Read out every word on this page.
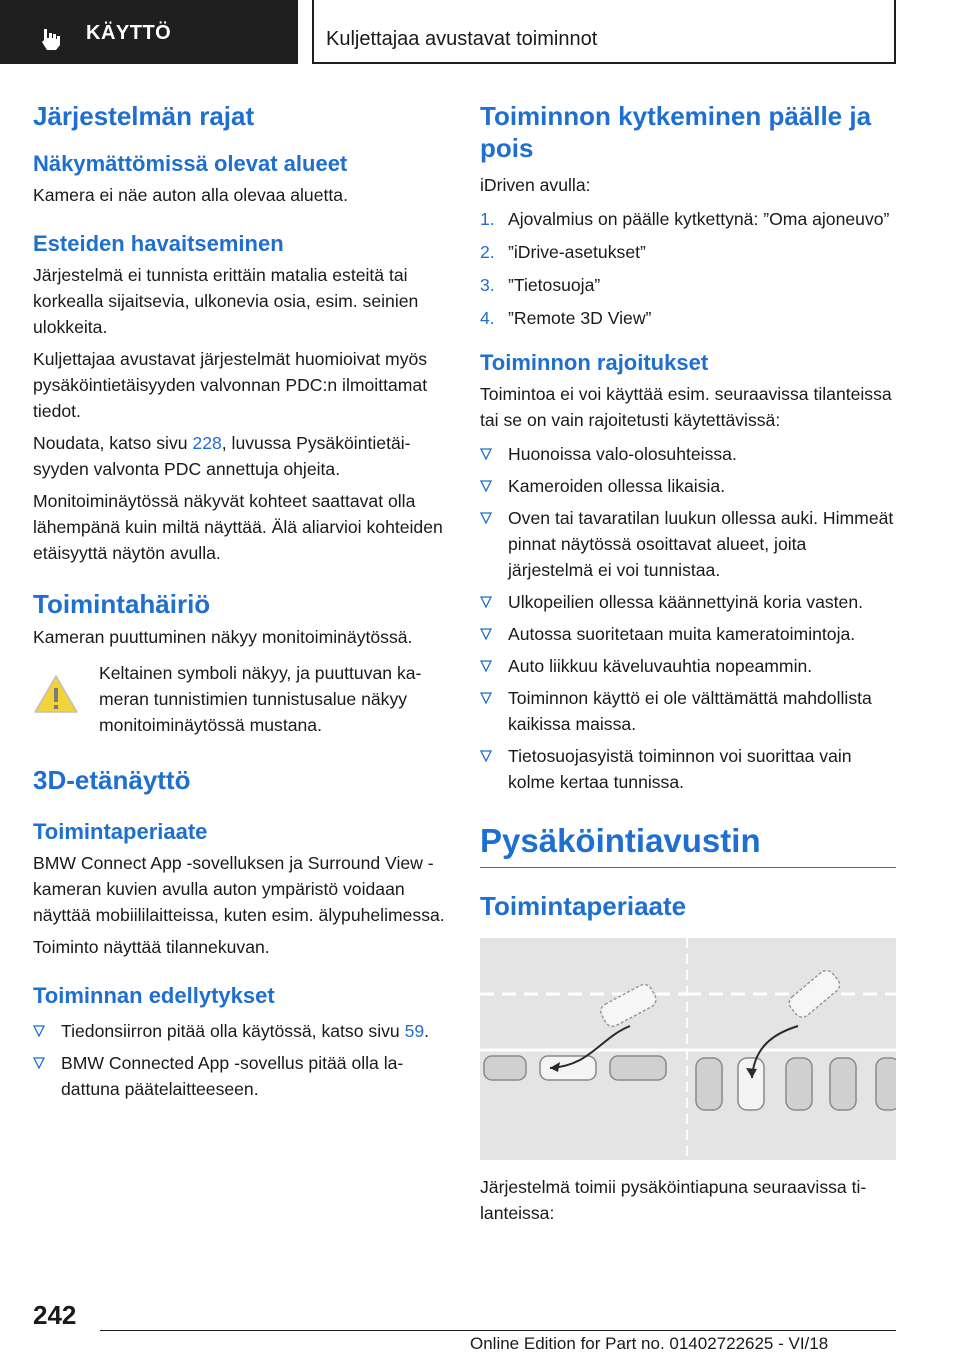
KÄYTTÖ	Kuljettajaa avustavat toiminnot
Järjestelmän rajat
Näkymättömissä olevat alueet

Kamera ei näe auton alla olevaa aluetta.

Esteiden havaitseminen

Järjestelmä ei tunnista erittäin matalia esteitä tai korkealla sijaitsevia, ulkonevia osia, esim. seinien ulokkeita.

Kuljettajaa avustavat järjestelmät huomioivat myös pysäköintietäisyyden valvonnan PDC:n ilmoittamat tiedot.

Noudata, katso sivu 228, luvussa Pysäköintietäisyyden valvonta PDC annettuja ohjeita.

Monitoiminäytössä näkyvät kohteet saattavat olla lähempänä kuin miltä näyttää. Älä aliarvioi kohteiden etäisyyttä näytön avulla.

Toimintahäiriö

Kameran puuttuminen näkyy monitoiminäytössä.

Keltainen symboli näkyy, ja puuttuvan kameran tunnistimien tunnistusalue näkyy monitoiminäytössä mustana.

3D-etänäyttö
Toimintaperiaate

BMW Connect App -sovelluksen ja Surround View -kameran kuvien avulla auton ympäristö voidaan näyttää mobiililaitteissa, kuten esim. älypuhelimessa.

Toiminto näyttää tilannekuvan.

Toiminnan edellytykset
Tiedonsiirron pitää olla käytössä, katso sivu 59.
BMW Connected App -sovellus pitää olla ladattuna päätelaitteeseen.
Toiminnon kytkeminen päälle ja pois

iDriven avulla:

1. Ajovalmius on päälle kytkettynä: ”Oma ajoneuvo”
2. ”iDrive-asetukset”
3. ”Tietosuoja”
4. ”Remote 3D View”
Toiminnon rajoitukset

Toimintoa ei voi käyttää esim. seuraavissa tilanteissa tai se on vain rajoitetusti käytettävissä:

Huonoissa valo-olosuhteissa.
Kameroiden ollessa likaisia.
Oven tai tavaratilan luukun ollessa auki. Himmeät pinnat näytössä osoittavat alueet, joita järjestelmä ei voi tunnistaa.
Ulkopeilien ollessa käännettyinä koria vasten.
Autossa suoritetaan muita kameratoimintoja.
Auto liikkuu käveluvauhtia nopeammin.
Toiminnon käyttö ei ole välttämättä mahdollista kaikissa maissa.
Tietosuojasyistä toiminnon voi suorittaa vain kolme kertaa tunnissa.
Pysäköintiavustin
Toimintaperiaate

Järjestelmä toimii pysäköintiapuna seuraavissa tilanteissa:

242
Online Edition for Part no. 01402722625 - VI/18
